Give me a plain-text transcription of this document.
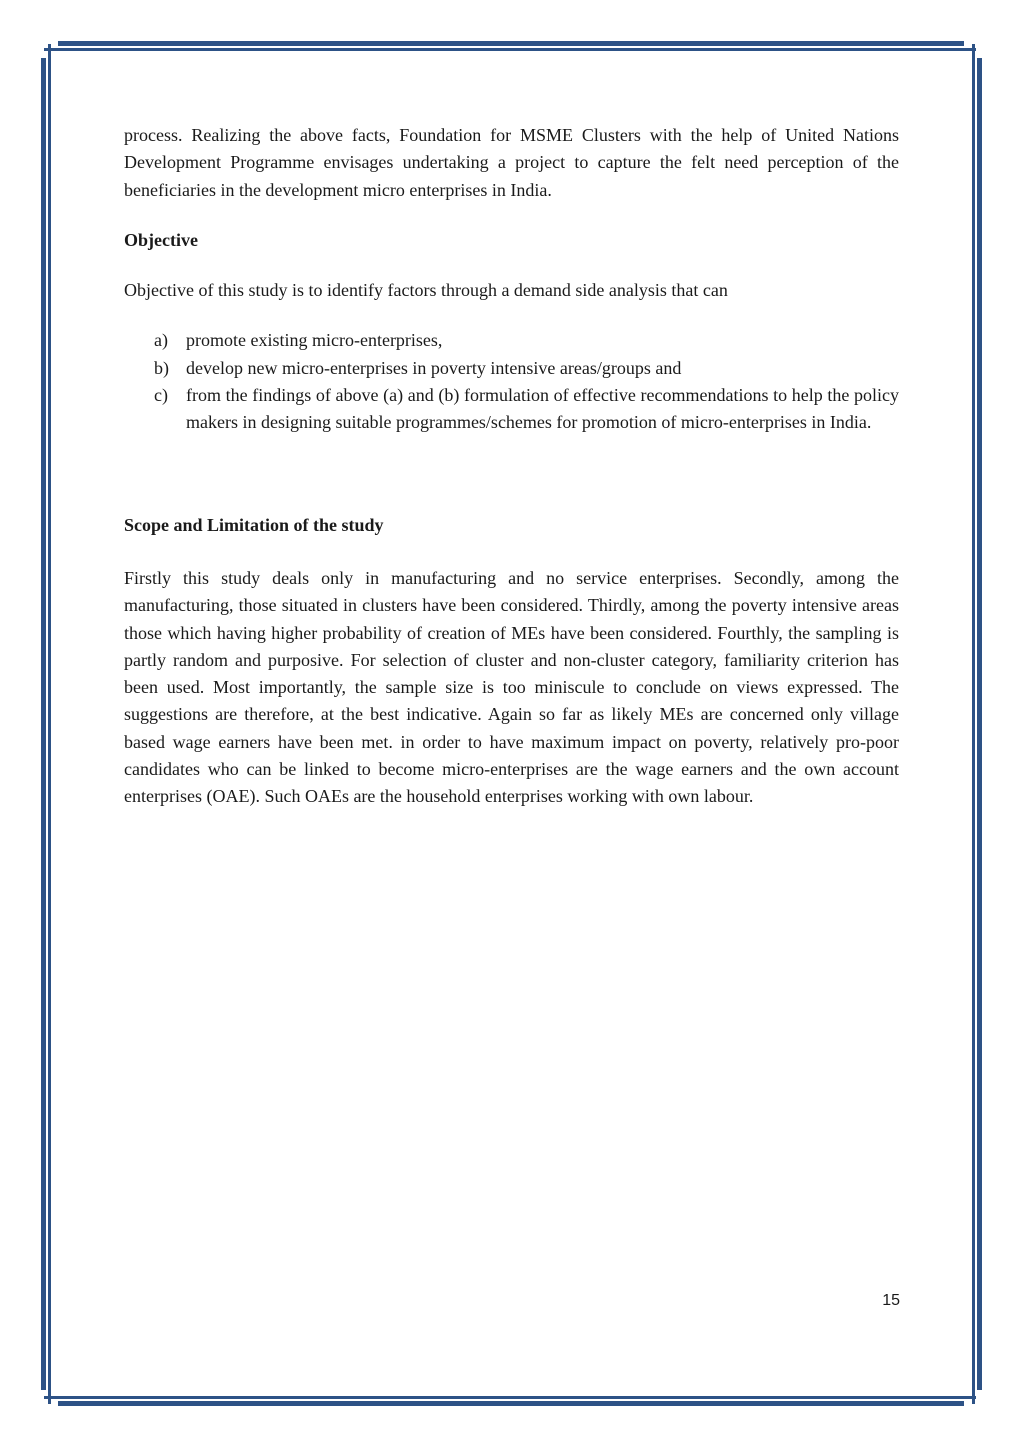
process. Realizing the above facts, Foundation for MSME Clusters with the help of United Nations Development Programme envisages undertaking a project to capture the felt need perception of the beneficiaries in the development micro enterprises in India.

Objective

Objective of this study is to identify factors through a demand side analysis that can

a) promote existing micro-enterprises,
b) develop new micro-enterprises in poverty intensive areas/groups and
c) from the findings of above (a) and (b) formulation of effective recommendations to help the policy makers in designing suitable programmes/schemes for promotion of micro-enterprises in India.

Scope and Limitation of the study

Firstly this study deals only in manufacturing and no service enterprises. Secondly, among the manufacturing, those situated in clusters have been considered. Thirdly, among the poverty intensive areas those which having higher probability of creation of MEs have been considered. Fourthly, the sampling is partly random and purposive. For selection of cluster and non-cluster category, familiarity criterion has been used. Most importantly, the sample size is too miniscule to conclude on views expressed. The suggestions are therefore, at the best indicative. Again so far as likely MEs are concerned only village based wage earners have been met. in order to have maximum impact on poverty, relatively pro-poor candidates who can be linked to become micro-enterprises are the wage earners and the own account enterprises (OAE). Such OAEs are the household enterprises working with own labour.

15
